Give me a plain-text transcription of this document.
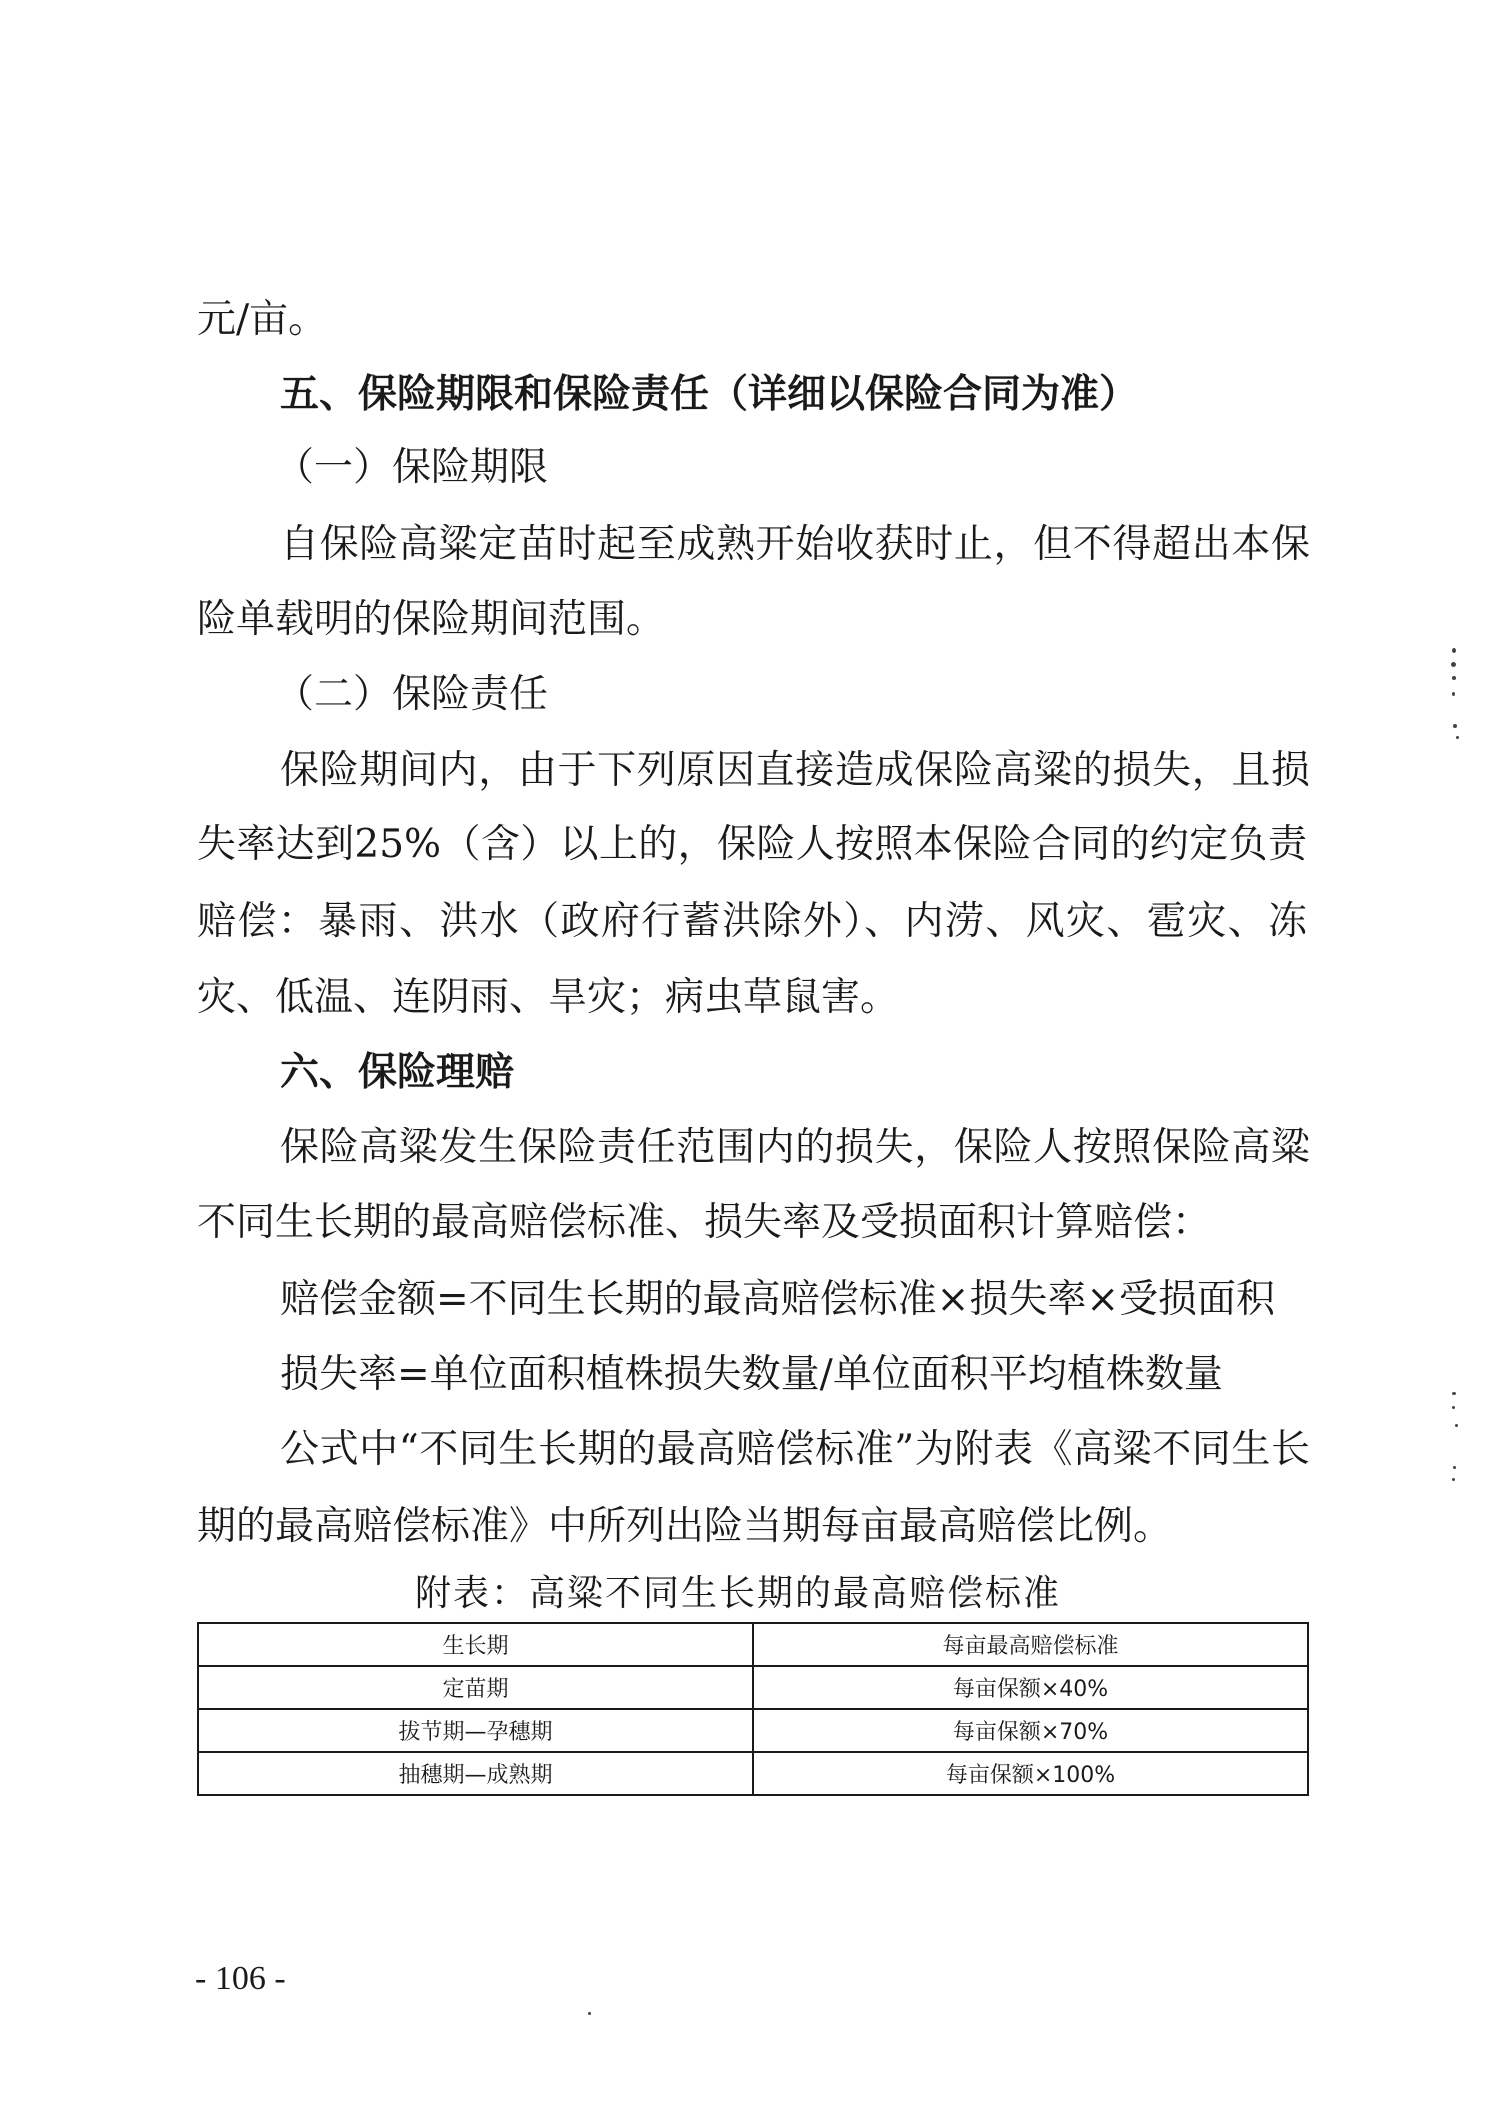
元/亩。
五、保险期限和保险责任（详细以保险合同为准）
（一）保险期限
自保险高粱定苗时起至成熟开始收获时止，但不得超出本保
险单载明的保险期间范围。
（二）保险责任
保险期间内，由于下列原因直接造成保险高粱的损失，且损
失率达到25%（含）以上的，保险人按照本保险合同的约定负责
赔偿：暴雨、洪水（政府行蓄洪除外）、内涝、风灾、雹灾、冻
灾、低温、连阴雨、旱灾；病虫草鼠害。
六、保险理赔
保险高粱发生保险责任范围内的损失，保险人按照保险高粱
不同生长期的最高赔偿标准、损失率及受损面积计算赔偿：
赔偿金额=不同生长期的最高赔偿标准×损失率×受损面积
损失率=单位面积植株损失数量/单位面积平均植株数量
公式中“不同生长期的最高赔偿标准”为附表《高粱不同生长
期的最高赔偿标准》中所列出险当期每亩最高赔偿比例。
附表：高粱不同生长期的最高赔偿标准
生长期	每亩最高赔偿标准
定苗期	每亩保额×40%
拔节期—孕穗期	每亩保额×70%
抽穗期—成熟期	每亩保额×100%
- 106 -
